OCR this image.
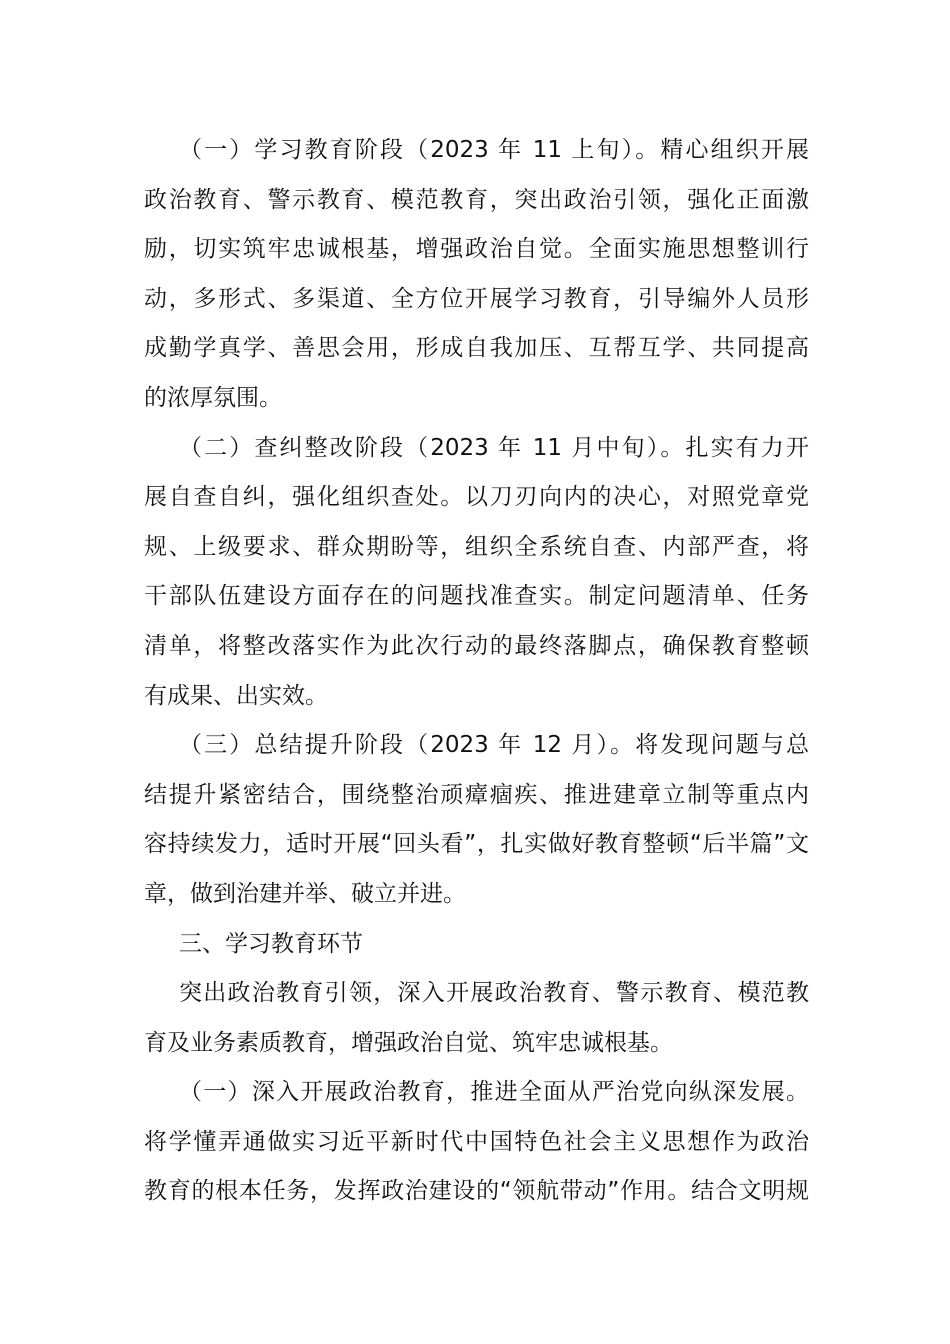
（一）学习教育阶段（2023 年 11 上旬）。精心组织开展
政治教育、警示教育、模范教育，突出政治引领，强化正面激
励，切实筑牢忠诚根基，增强政治自觉。全面实施思想整训行
动，多形式、多渠道、全方位开展学习教育，引导编外人员形
成勤学真学、善思会用，形成自我加压、互帮互学、共同提高
的浓厚氛围。
（二）查纠整改阶段（2023 年 11 月中旬）。扎实有力开
展自查自纠，强化组织查处。以刀刃向内的决心，对照党章党
规、上级要求、群众期盼等，组织全系统自查、内部严查，将
干部队伍建设方面存在的问题找准查实。制定问题清单、任务
清单，将整改落实作为此次行动的最终落脚点，确保教育整顿
有成果、出实效。
（三）总结提升阶段（2023 年 12 月）。将发现问题与总
结提升紧密结合，围绕整治顽瘴痼疾、推进建章立制等重点内
容持续发力，适时开展“回头看”，扎实做好教育整顿“后半篇”文
章，做到治建并举、破立并进。
三、学习教育环节
突出政治教育引领，深入开展政治教育、警示教育、模范教
育及业务素质教育，增强政治自觉、筑牢忠诚根基。
（一）深入开展政治教育，推进全面从严治党向纵深发展。
将学懂弄通做实习近平新时代中国特色社会主义思想作为政治
教育的根本任务，发挥政治建设的“领航带动”作用。结合文明规
